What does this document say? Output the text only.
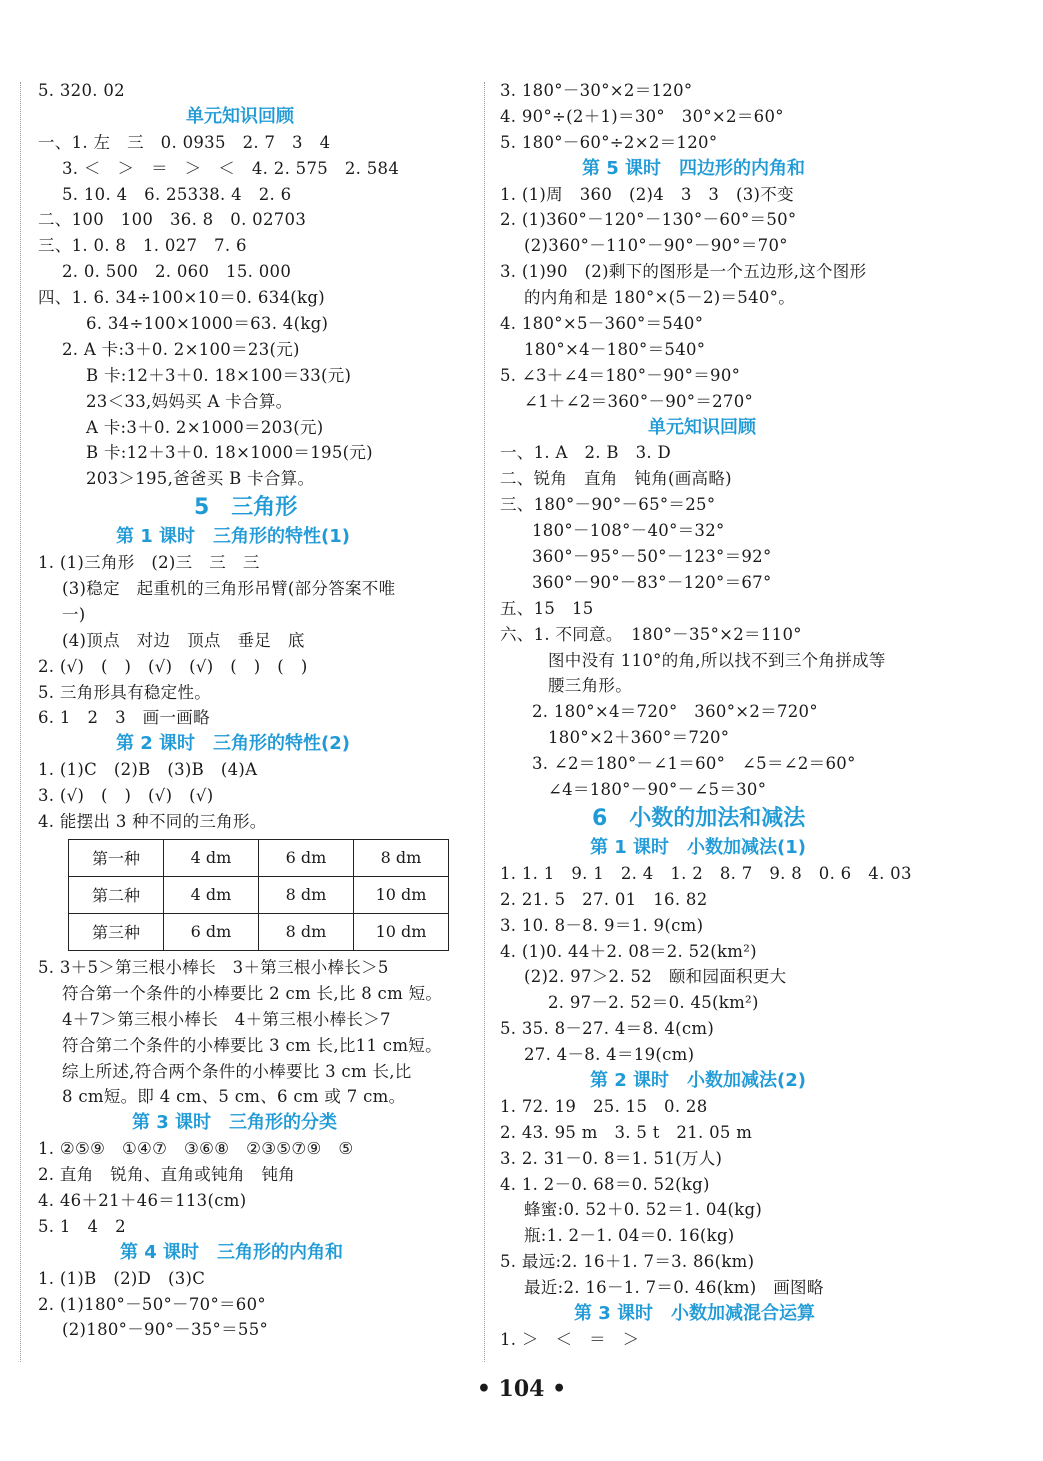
5. 320. 02
单元知识回顾
一、1. 左　三　0. 0935　2. 7　3　4
3. ＜　＞　＝　＞　＜　4. 2. 575　2. 584
5. 10. 4　6. 25338. 4　2. 6
二、100　100　36. 8　0. 02703
三、1. 0. 8　1. 027　7. 6
2. 0. 500　2. 060　15. 000
四、1. 6. 34÷100×10＝0. 634(kg)
6. 34÷100×1000＝63. 4(kg)
2. A 卡:3＋0. 2×100＝23(元)
B 卡:12＋3＋0. 18×100＝33(元)
23＜33,妈妈买 A 卡合算。
A 卡:3＋0. 2×1000＝203(元)
B 卡:12＋3＋0. 18×1000＝195(元)
203＞195,爸爸买 B 卡合算。
5　三角形
第 1 课时　三角形的特性(1)
1. (1)三角形　(2)三　三　三
(3)稳定　起重机的三角形吊臂(部分答案不唯
一)
(4)顶点　对边　顶点　垂足　底
2. (√)　(　)　(√)　(√)　(　)　(　)
5. 三角形具有稳定性。
6. 1　2　3　画一画略
第 2 课时　三角形的特性(2)
1. (1)C　(2)B　(3)B　(4)A
3. (√)　(　)　(√)　(√)
4. 能摆出 3 种不同的三角形。
第一种	4 dm	6 dm	8 dm
第二种	4 dm	8 dm	10 dm
第三种	6 dm	8 dm	10 dm
5. 3＋5＞第三根小棒长　3＋第三根小棒长＞5
符合第一个条件的小棒要比 2 cm 长,比 8 cm 短。
4＋7＞第三根小棒长　4＋第三根小棒长＞7
符合第二个条件的小棒要比 3 cm 长,比11 cm短。
综上所述,符合两个条件的小棒要比 3 cm 长,比
8 cm短。即 4 cm、5 cm、6 cm 或 7 cm。
第 3 课时　三角形的分类
1. ②⑤⑨　①④⑦　③⑥⑧　②③⑤⑦⑨　⑤
2. 直角　锐角、直角或钝角　钝角
4. 46＋21＋46＝113(cm)
5. 1　4　2
第 4 课时　三角形的内角和
1. (1)B　(2)D　(3)C
2. (1)180°－50°－70°＝60°
(2)180°－90°－35°＝55°
3. 180°－30°×2＝120°
4. 90°÷(2＋1)＝30°　30°×2＝60°
5. 180°－60°÷2×2＝120°
第 5 课时　四边形的内角和
1. (1)周　360　(2)4　3　3　(3)不变
2. (1)360°－120°－130°－60°＝50°
(2)360°－110°－90°－90°＝70°
3. (1)90　(2)剩下的图形是一个五边形,这个图形
的内角和是 180°×(5－2)＝540°。
4. 180°×5－360°＝540°
180°×4－180°＝540°
5. ∠3＋∠4＝180°－90°＝90°
∠1＋∠2＝360°－90°＝270°
单元知识回顾
一、1. A　2. B　3. D
二、锐角　直角　钝角(画高略)
三、180°－90°－65°＝25°
180°－108°－40°＝32°
360°－95°－50°－123°＝92°
360°－90°－83°－120°＝67°
五、15　15
六、1. 不同意。　180°－35°×2＝110°
图中没有 110°的角,所以找不到三个角拼成等
腰三角形。
2. 180°×4＝720°　360°×2＝720°
180°×2＋360°＝720°
3. ∠2＝180°－∠1＝60°　∠5＝∠2＝60°
∠4＝180°－90°－∠5＝30°
6　小数的加法和减法
第 1 课时　小数加减法(1)
1. 1. 1　9. 1　2. 4　1. 2　8. 7　9. 8　0. 6　4. 03
2. 21. 5　27. 01　16. 82
3. 10. 8－8. 9＝1. 9(cm)
4. (1)0. 44＋2. 08＝2. 52(km²)
(2)2. 97＞2. 52　颐和园面积更大
2. 97－2. 52＝0. 45(km²)
5. 35. 8－27. 4＝8. 4(cm)
27. 4－8. 4＝19(cm)
第 2 课时　小数加减法(2)
1. 72. 19　25. 15　0. 28
2. 43. 95 m　3. 5 t　21. 05 m
3. 2. 31－0. 8＝1. 51(万人)
4. 1. 2－0. 68＝0. 52(kg)
蜂蜜:0. 52＋0. 52＝1. 04(kg)
瓶:1. 2－1. 04＝0. 16(kg)
5. 最远:2. 16＋1. 7＝3. 86(km)
最近:2. 16－1. 7＝0. 46(km)　画图略
第 3 课时　小数加减混合运算
1. ＞　＜　＝　＞
• 104 •
